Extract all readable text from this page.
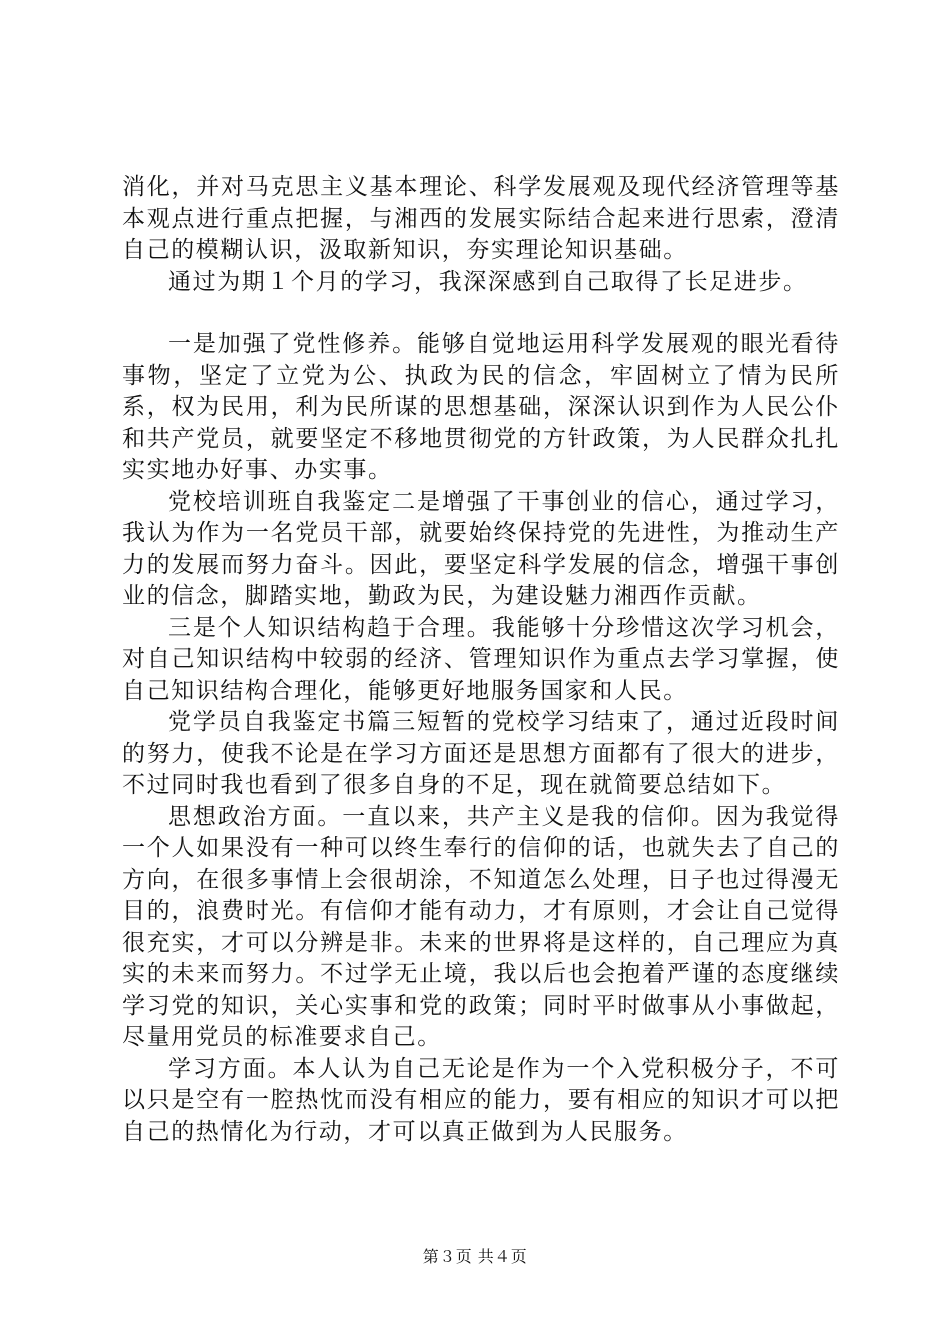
消化，并对马克思主义基本理论、科学发展观及现代经济管理等基本观点进行重点把握，与湘西的发展实际结合起来进行思索，澄清自己的模糊认识，汲取新知识，夯实理论知识基础。

通过为期１个月的学习，我深深感到自己取得了长足进步。

一是加强了党性修养。能够自觉地运用科学发展观的眼光看待事物，坚定了立党为公、执政为民的信念，牢固树立了情为民所系，权为民用，利为民所谋的思想基础，深深认识到作为人民公仆和共产党员，就要坚定不移地贯彻党的方针政策，为人民群众扎扎实实地办好事、办实事。

党校培训班自我鉴定二是增强了干事创业的信心，通过学习，我认为作为一名党员干部，就要始终保持党的先进性，为推动生产力的发展而努力奋斗。因此，要坚定科学发展的信念，增强干事创业的信念，脚踏实地，勤政为民，为建设魅力湘西作贡献。

三是个人知识结构趋于合理。我能够十分珍惜这次学习机会，对自己知识结构中较弱的经济、管理知识作为重点去学习掌握，使自己知识结构合理化，能够更好地服务国家和人民。

党学员自我鉴定书篇三短暂的党校学习结束了，通过近段时间的努力，使我不论是在学习方面还是思想方面都有了很大的进步，不过同时我也看到了很多自身的不足，现在就简要总结如下。

思想政治方面。一直以来，共产主义是我的信仰。因为我觉得一个人如果没有一种可以终生奉行的信仰的话，也就失去了自己的方向，在很多事情上会很胡涂，不知道怎么处理，日子也过得漫无目的，浪费时光。有信仰才能有动力，才有原则，才会让自己觉得很充实，才可以分辨是非。未来的世界将是这样的，自己理应为真实的未来而努力。不过学无止境，我以后也会抱着严谨的态度继续学习党的知识，关心实事和党的政策；同时平时做事从小事做起，尽量用党员的标准要求自己。

学习方面。本人认为自己无论是作为一个入党积极分子，不可以只是空有一腔热忱而没有相应的能力，要有相应的知识才可以把自己的热情化为行动，才可以真正做到为人民服务。

第３页 共４页
